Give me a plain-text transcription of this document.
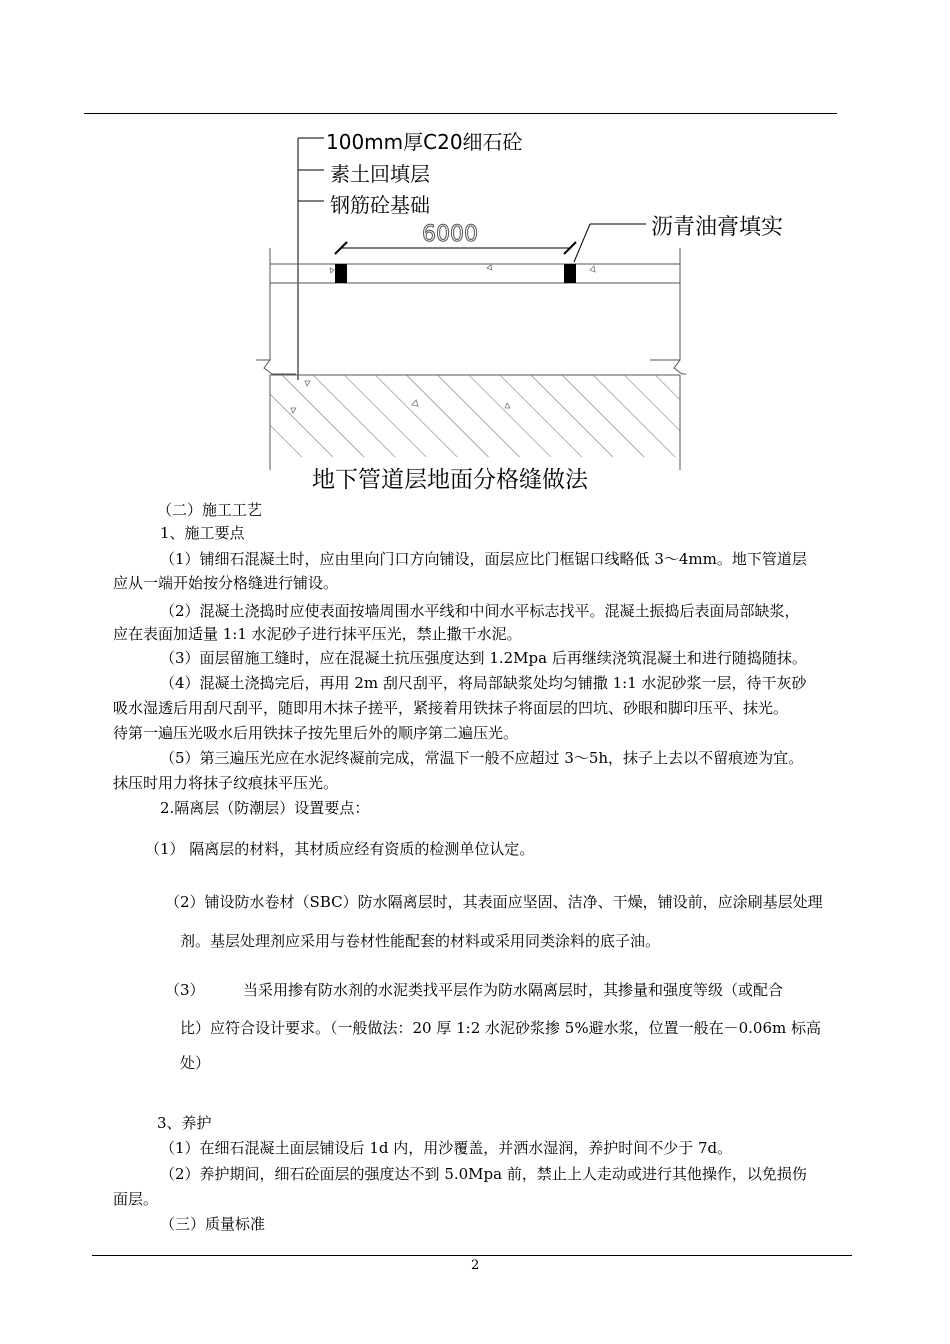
100mm厚C20细石砼
素土回填层
钢筋砼基础
沥青油膏填实
6000
地下管道层地面分格缝做法
（二）施工工艺
1、施工要点
（1）铺细石混凝土时，应由里向门口方向铺设，面层应比门框锯口线略低 3～4mm。地下管道层
应从一端开始按分格缝进行铺设。
（2）混凝土浇捣时应使表面按墙周围水平线和中间水平标志找平。混凝土振捣后表面局部缺浆，
应在表面加适量 1:1 水泥砂子进行抹平压光，禁止撒干水泥。
（3）面层留施工缝时，应在混凝土抗压强度达到 1.2Mpa 后再继续浇筑混凝土和进行随捣随抹。
（4）混凝土浇捣完后，再用 2m 刮尺刮平，将局部缺浆处均匀铺撒 1:1 水泥砂浆一层，待干灰砂
吸水湿透后用刮尺刮平，随即用木抹子搓平，紧接着用铁抹子将面层的凹坑、砂眼和脚印压平、抹光。
待第一遍压光吸水后用铁抹子按先里后外的顺序第二遍压光。
（5）第三遍压光应在水泥终凝前完成，常温下一般不应超过 3～5h，抹子上去以不留痕迹为宜。
抹压时用力将抹子纹痕抹平压光。
2.隔离层（防潮层）设置要点：
（1） 隔离层的材料，其材质应经有资质的检测单位认定。
（2）铺设防水卷材（SBC）防水隔离层时，其表面应坚固、洁净、干燥，铺设前，应涂刷基层处理
剂。基层处理剂应采用与卷材性能配套的材料或采用同类涂料的底子油。
（3）	当采用掺有防水剂的水泥类找平层作为防水隔离层时，其掺量和强度等级（或配合
比）应符合设计要求。（一般做法：20 厚 1:2 水泥砂浆掺 5%避水浆，位置一般在－0.06m 标高
处）
3、养护
（1）在细石混凝土面层铺设后 1d 内，用沙覆盖，并洒水湿润，养护时间不少于 7d。
（2）养护期间，细石砼面层的强度达不到 5.0Mpa 前，禁止上人走动或进行其他操作，以免损伤
面层。
（三）质量标准
2
